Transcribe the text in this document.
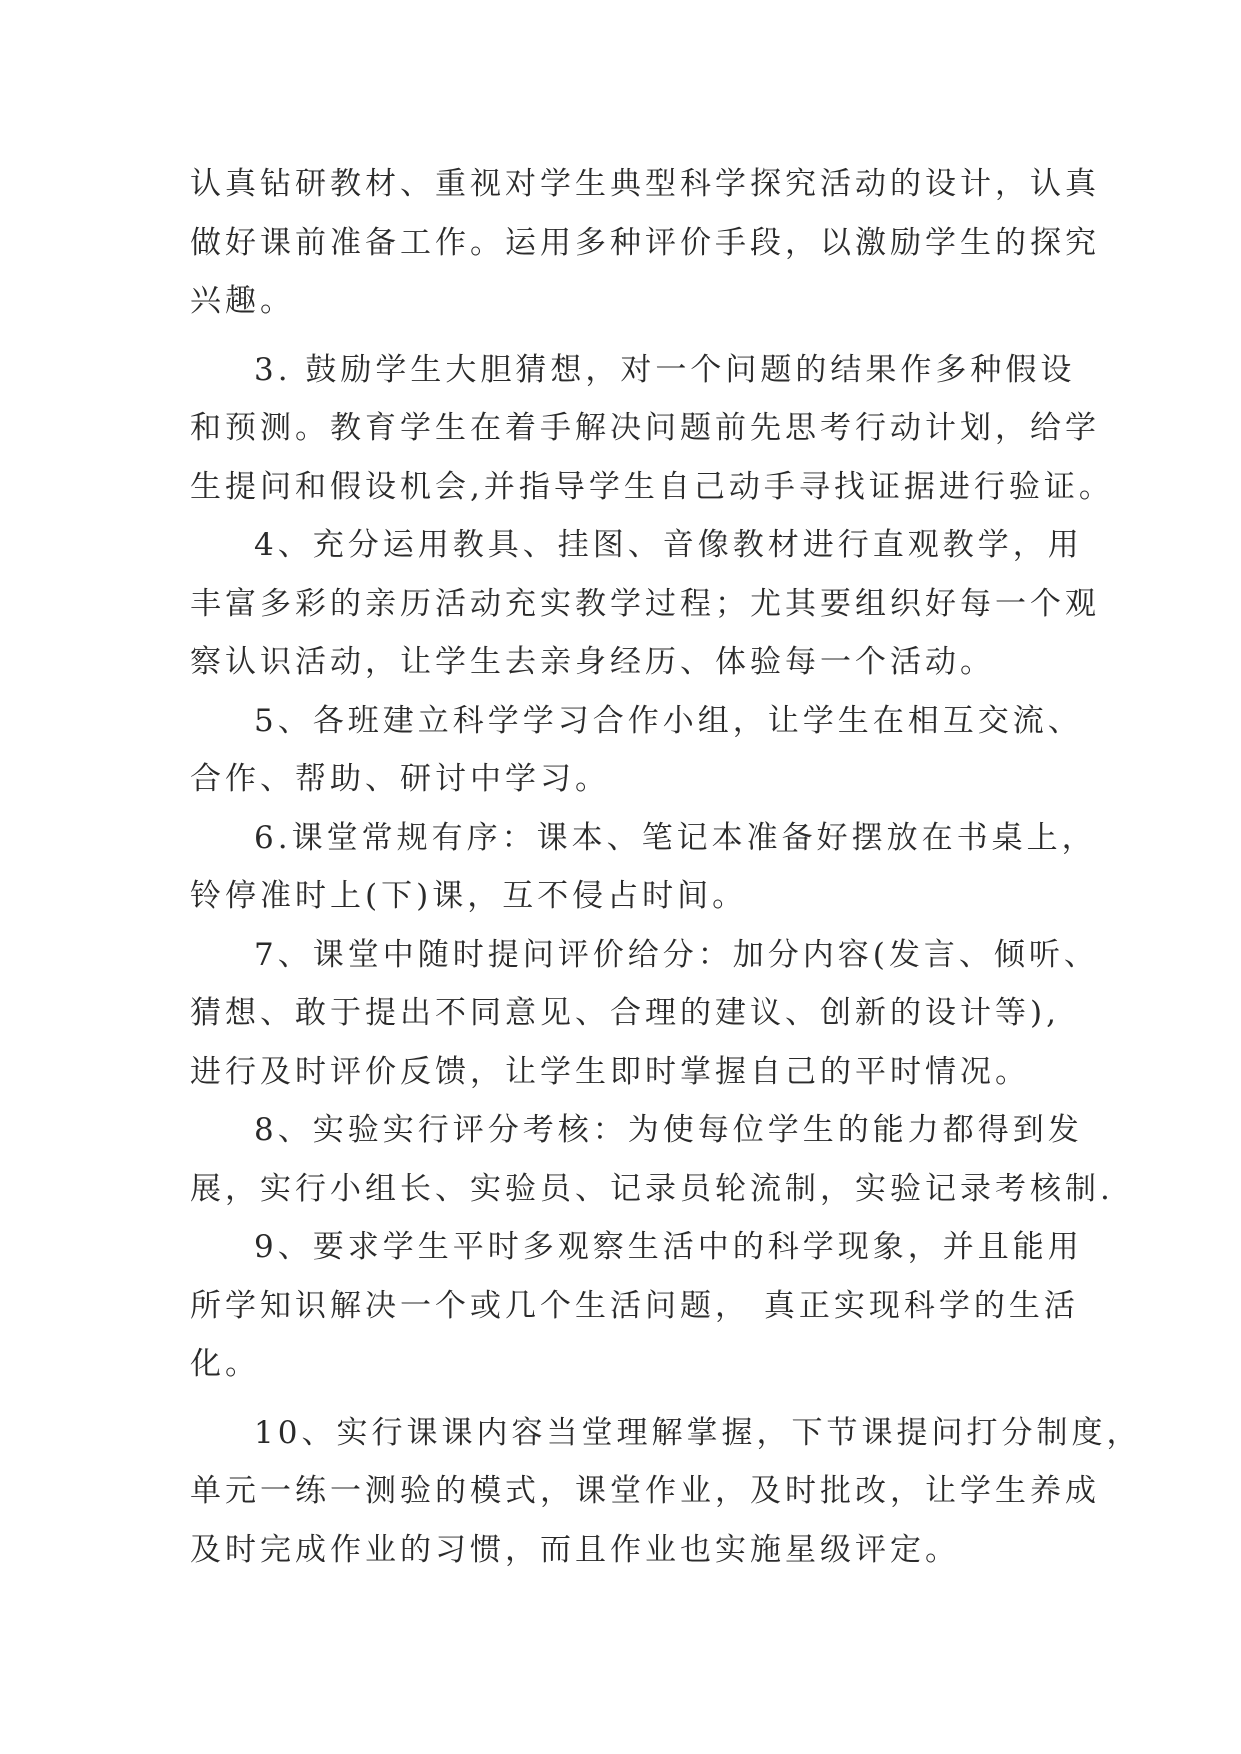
认真钻研教材、重视对学生典型科学探究活动的设计，认真
做好课前准备工作。运用多种评价手段，以激励学生的探究
兴趣。
3. 鼓励学生大胆猜想，对一个问题的结果作多种假设
和预测。教育学生在着手解决问题前先思考行动计划，给学
生提问和假设机会,并指导学生自己动手寻找证据进行验证。
4、充分运用教具、挂图、音像教材进行直观教学，用
丰富多彩的亲历活动充实教学过程；尤其要组织好每一个观
察认识活动，让学生去亲身经历、体验每一个活动。
5、各班建立科学学习合作小组，让学生在相互交流、
合作、帮助、研讨中学习。
6.课堂常规有序：课本、笔记本准备好摆放在书桌上，
铃停准时上(下)课，互不侵占时间。
7、课堂中随时提问评价给分：加分内容(发言、倾听、
猜想、敢于提出不同意见、合理的建议、创新的设计等),
进行及时评价反馈，让学生即时掌握自己的平时情况。
8、实验实行评分考核：为使每位学生的能力都得到发
展，实行小组长、实验员、记录员轮流制，实验记录考核制.
9、要求学生平时多观察生活中的科学现象，并且能用
所学知识解决一个或几个生活问题， 真正实现科学的生活
化。
10、实行课课内容当堂理解掌握，下节课提问打分制度，
单元一练一测验的模式，课堂作业，及时批改，让学生养成
及时完成作业的习惯，而且作业也实施星级评定。
